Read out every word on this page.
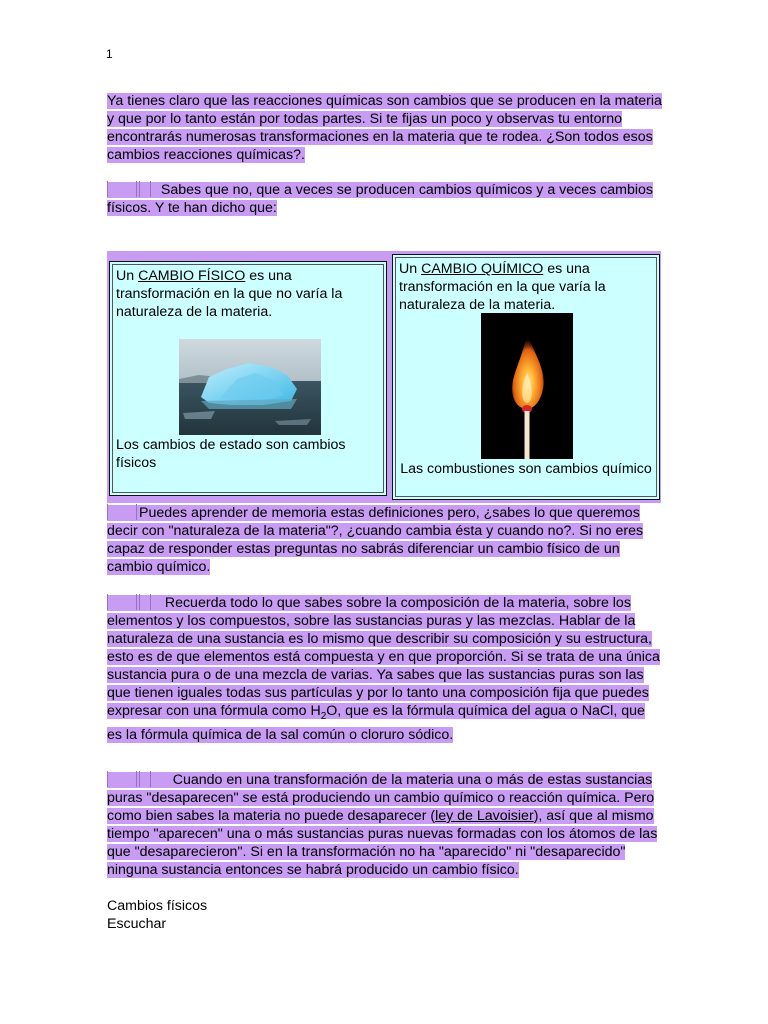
1
Ya tienes claro que las reacciones químicas son cambios que se producen en la materia y que por lo tanto están por todas partes. Si te fijas un poco y observas tu entorno encontrarás numerosas transformaciones en la materia que te rodea. ¿Son todos esos cambios reacciones químicas?.
Sabes que no, que a veces se producen cambios químicos y a veces cambios físicos. Y te han dicho que:
Un CAMBIO FÍSICO es una transformación en la que no varía la naturaleza de la materia.
Los cambios de estado son cambios físicos
Un CAMBIO QUÍMICO es una transformación en la que varía la naturaleza de la materia.
Las combustiones son cambios químico
Puedes aprender de memoria estas definiciones pero, ¿sabes lo que queremos decir con "naturaleza de la materia"?, ¿cuando cambia ésta y cuando no?. Si no eres capaz de responder estas preguntas no sabrás diferenciar un cambio físico de un cambio químico.
Recuerda todo lo que sabes sobre la composición de la materia, sobre los elementos y los compuestos, sobre las sustancias puras y las mezclas. Hablar de la naturaleza de una sustancia es lo mismo que describir su composición y su estructura, esto es de que elementos está compuesta y en que proporción. Si se trata de una única sustancia pura o de una mezcla de varias. Ya sabes que las sustancias puras son las que tienen iguales todas sus partículas y por lo tanto una composición fija que puedes expresar con una fórmula como $H_2O$, que es la fórmula química del agua o NaCl, que es la fórmula química de la sal común o cloruro sódico.
Cuando en una transformación de la materia una o más de estas sustancias puras "desaparecen" se está produciendo un cambio químico o reacción química. Pero como bien sabes la materia no puede desaparecer (ley de Lavoisier), así que al mismo tiempo "aparecen" una o más sustancias puras nuevas formadas con los átomos de las que "desaparecieron". Si en la transformación no ha "aparecido" ni "desaparecido" ninguna sustancia entonces se habrá producido un cambio físico.
Cambios físicos
Escuchar
